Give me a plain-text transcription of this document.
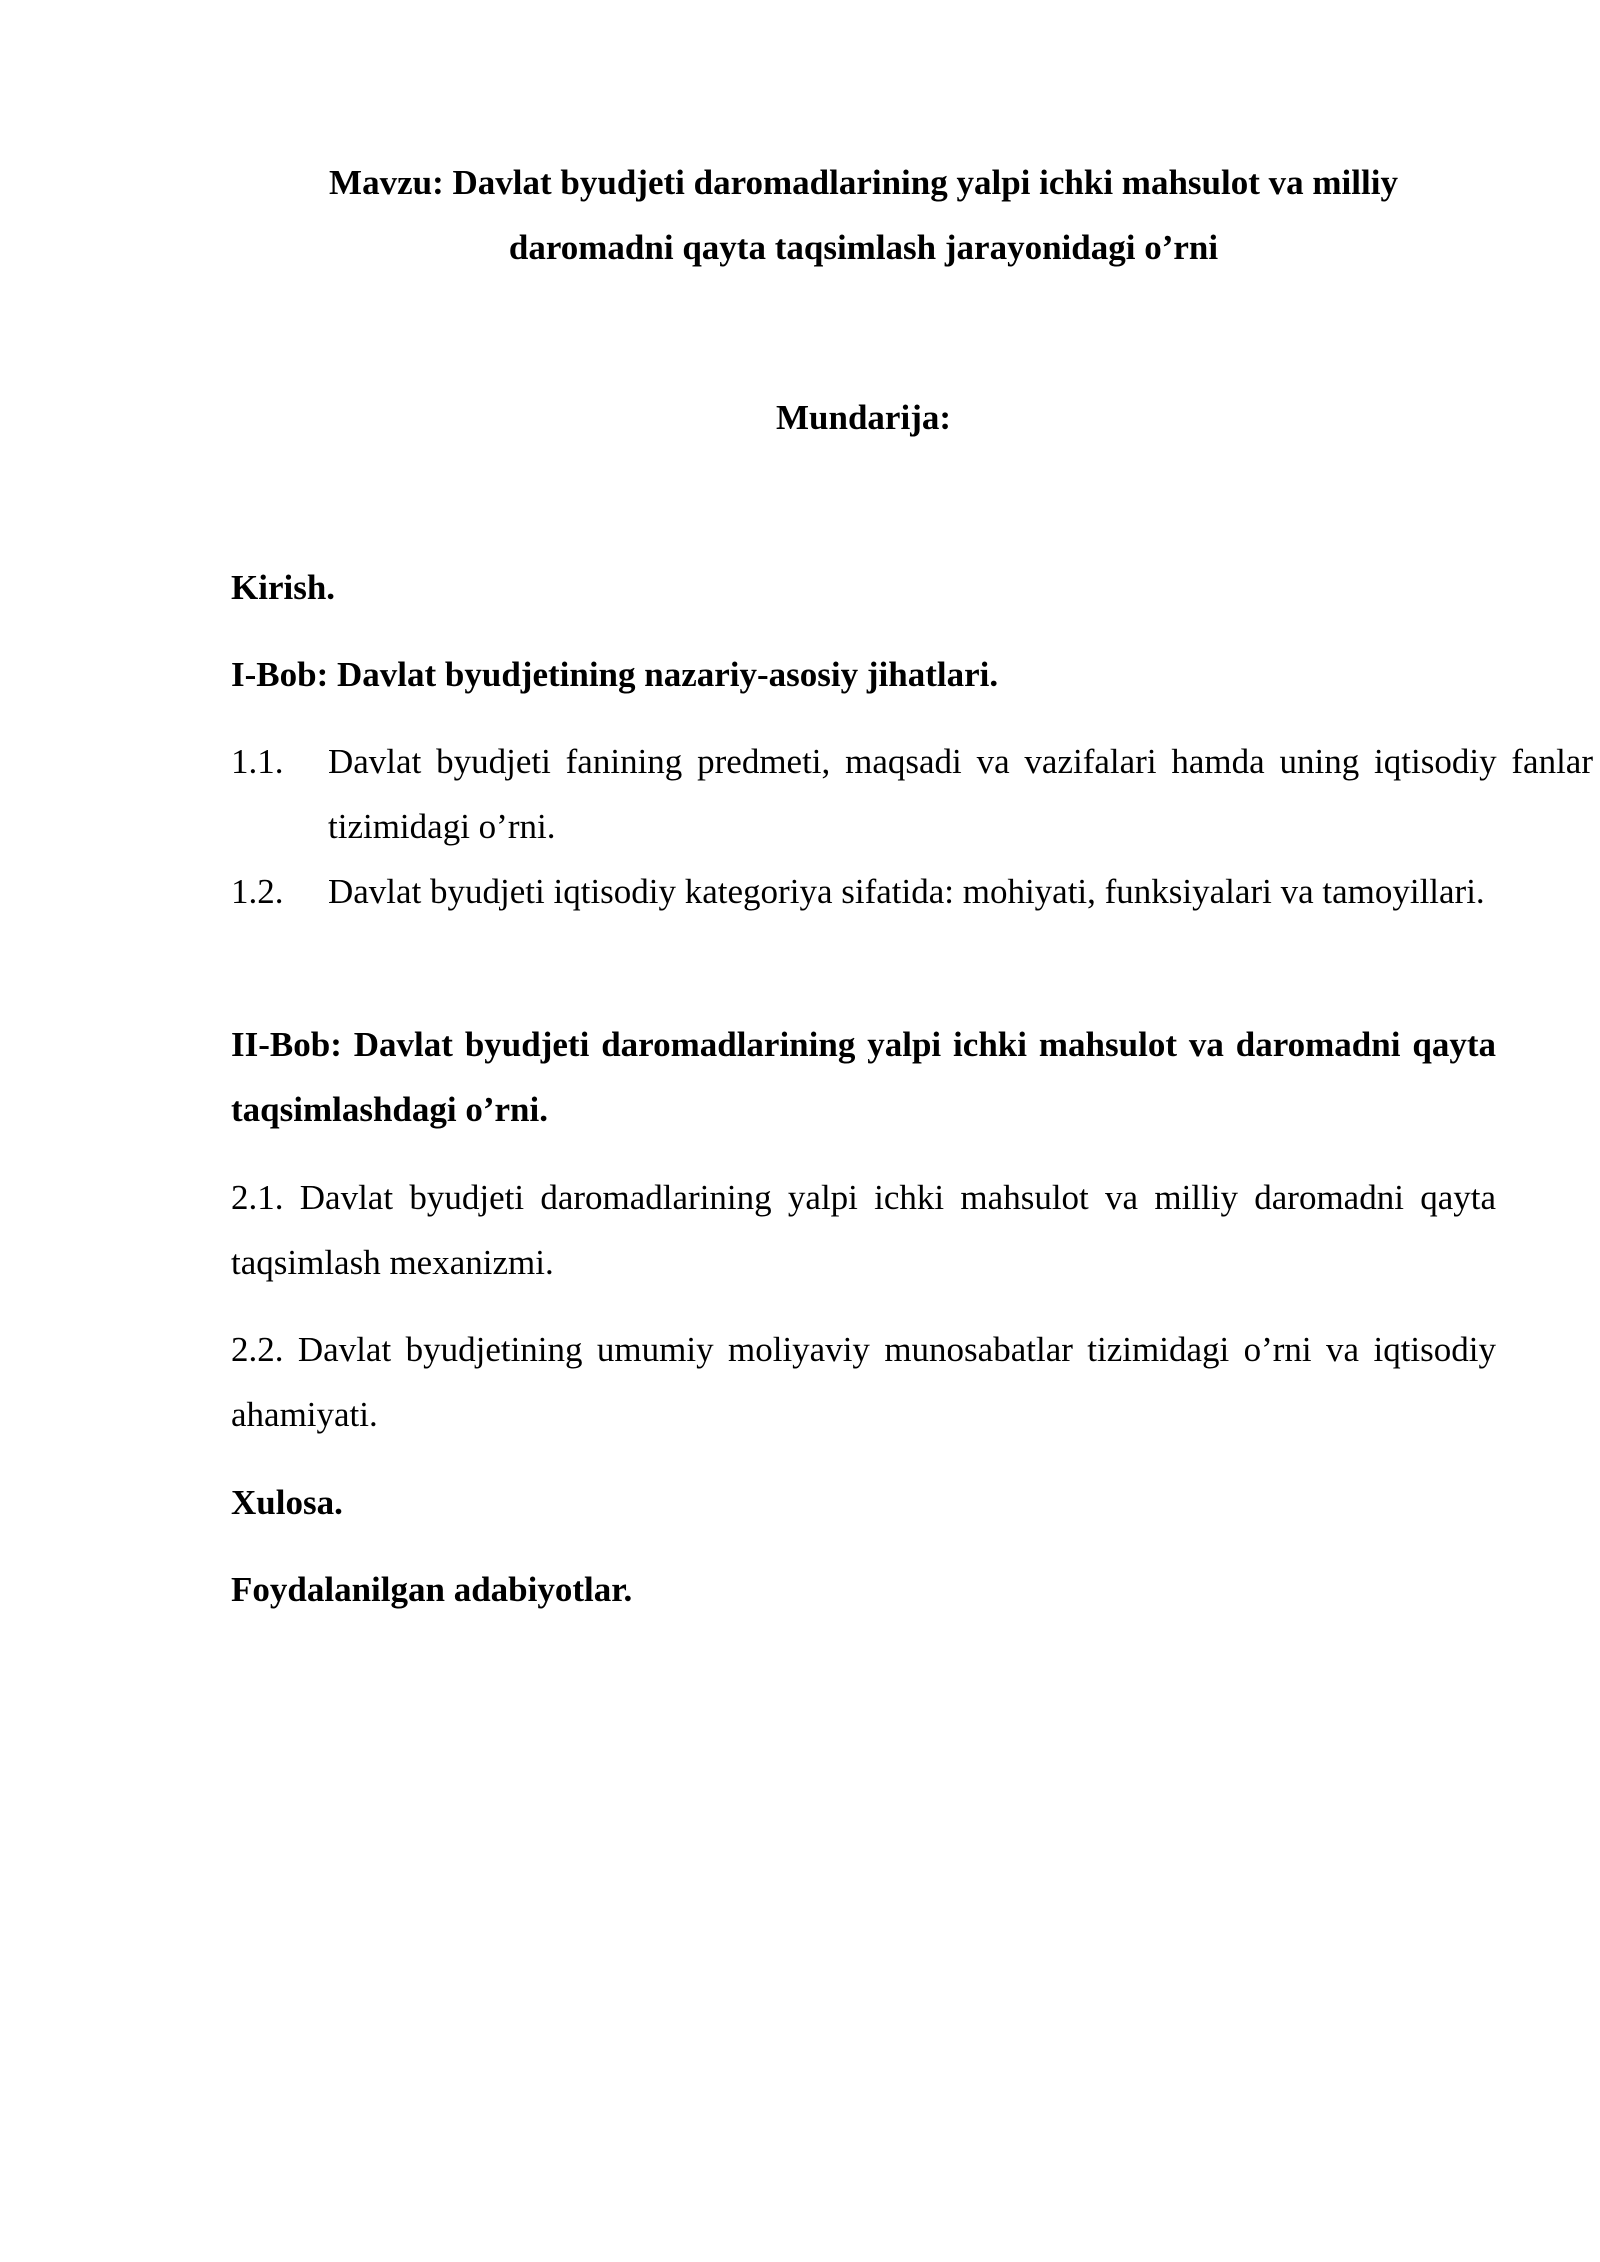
Mavzu: Davlat byudjeti daromadlarining yalpi ichki mahsulot va milliy
daromadni qayta taqsimlash jarayonidagi o’rni
Mundarija:

Kirish.

I-Bob: Davlat byudjetining nazariy-asosiy jihatlari.

1.1. Davlat byudjeti fanining predmeti, maqsadi va vazifalari hamda uning iqtisodiy fanlar tizimidagi o’rni.
1.2. Davlat byudjeti iqtisodiy kategoriya sifatida: mohiyati, funksiyalari va tamoyillari.

II-Bob: Davlat byudjeti daromadlarining yalpi ichki mahsulot va daromadni qayta taqsimlashdagi o’rni.

2.1. Davlat byudjeti daromadlarining yalpi ichki mahsulot va milliy daromadni qayta taqsimlash mexanizmi.

2.2. Davlat byudjetining umumiy moliyaviy munosabatlar tizimidagi o’rni va iqtisodiy ahamiyati.

Xulosa.

Foydalanilgan adabiyotlar.
